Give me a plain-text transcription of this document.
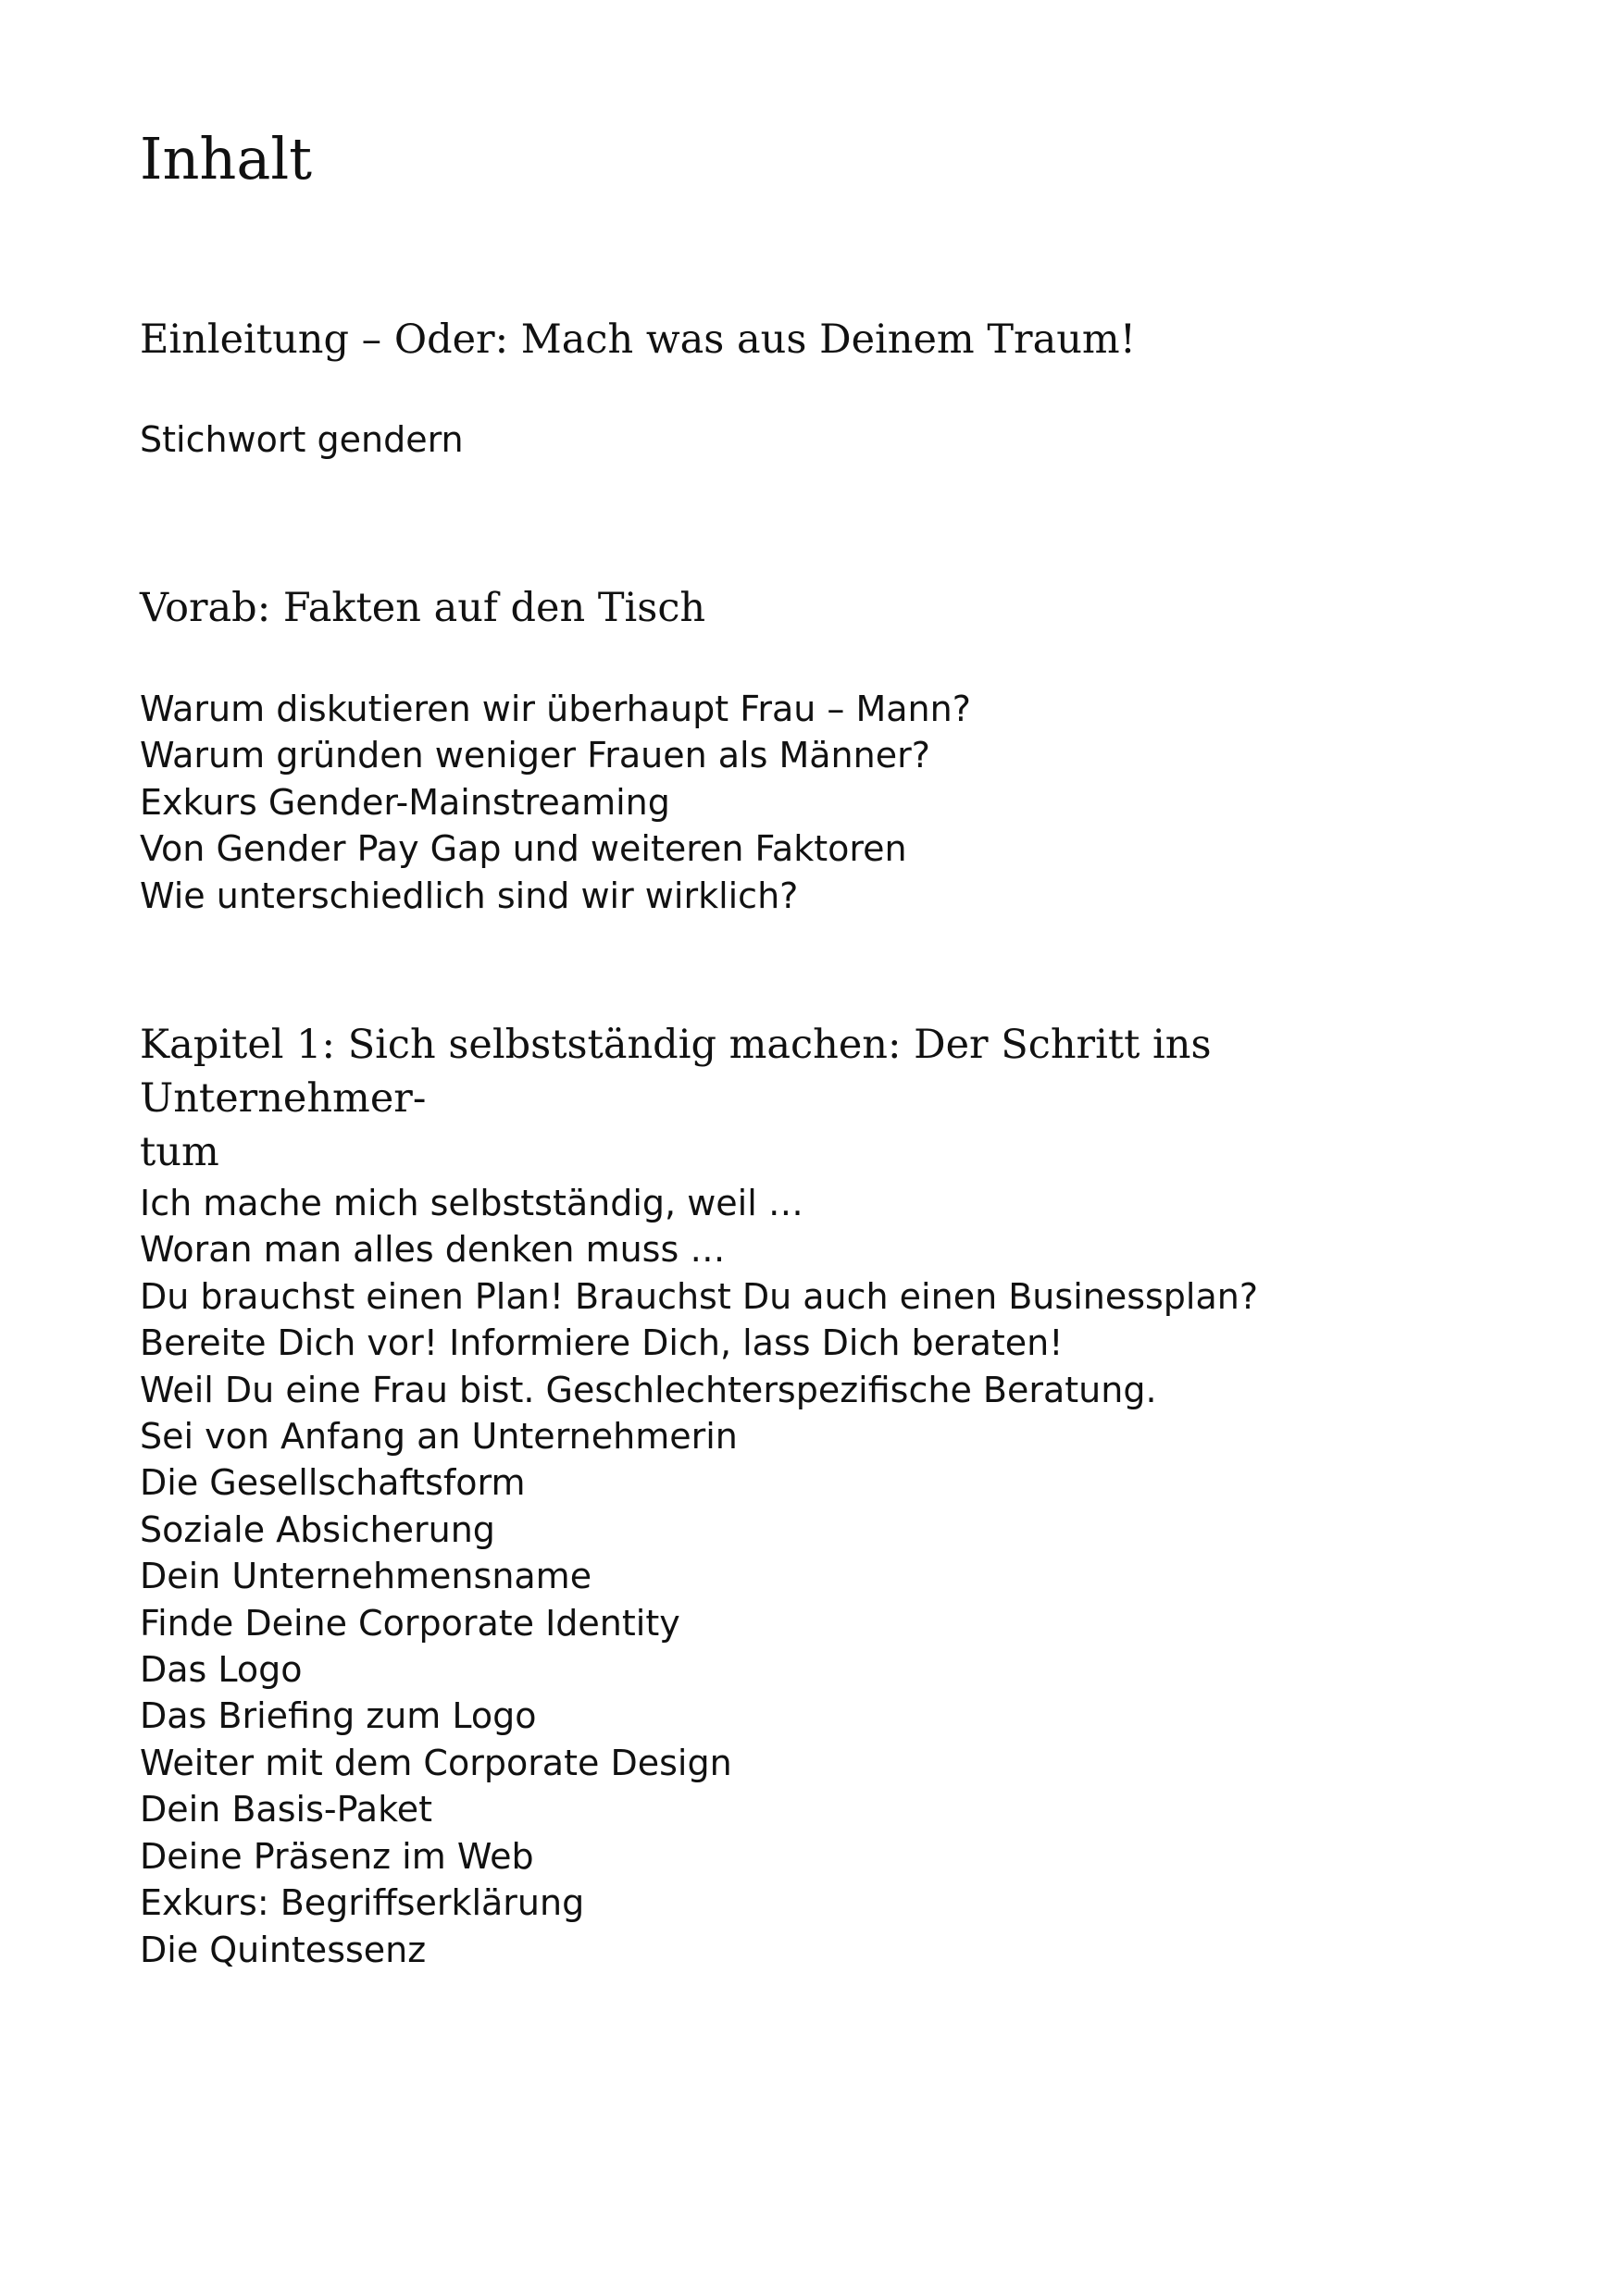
Inhalt
Einleitung – Oder: Mach was aus Deinem Traum!
Stichwort gendern
Vorab: Fakten auf den Tisch
Warum diskutieren wir überhaupt Frau – Mann?
Warum gründen weniger Frauen als Männer?
Exkurs Gender-Mainstreaming
Von Gender Pay Gap und weiteren Faktoren
Wie unterschiedlich sind wir wirklich?
Kapitel 1: Sich selbstständig machen: Der Schritt ins Unternehmer-
tum
Ich mache mich selbstständig, weil …
Woran man alles denken muss …
Du brauchst einen Plan! Brauchst Du auch einen Businessplan?
Bereite Dich vor! Informiere Dich, lass Dich beraten!
Weil Du eine Frau bist. Geschlechterspezifische Beratung.
Sei von Anfang an Unternehmerin
Die Gesellschaftsform
Soziale Absicherung
Dein Unternehmensname
Finde Deine Corporate Identity
Das Logo
Das Briefing zum Logo
Weiter mit dem Corporate Design
Dein Basis-Paket
Deine Präsenz im Web
Exkurs: Begriffserklärung
Die Quintessenz
